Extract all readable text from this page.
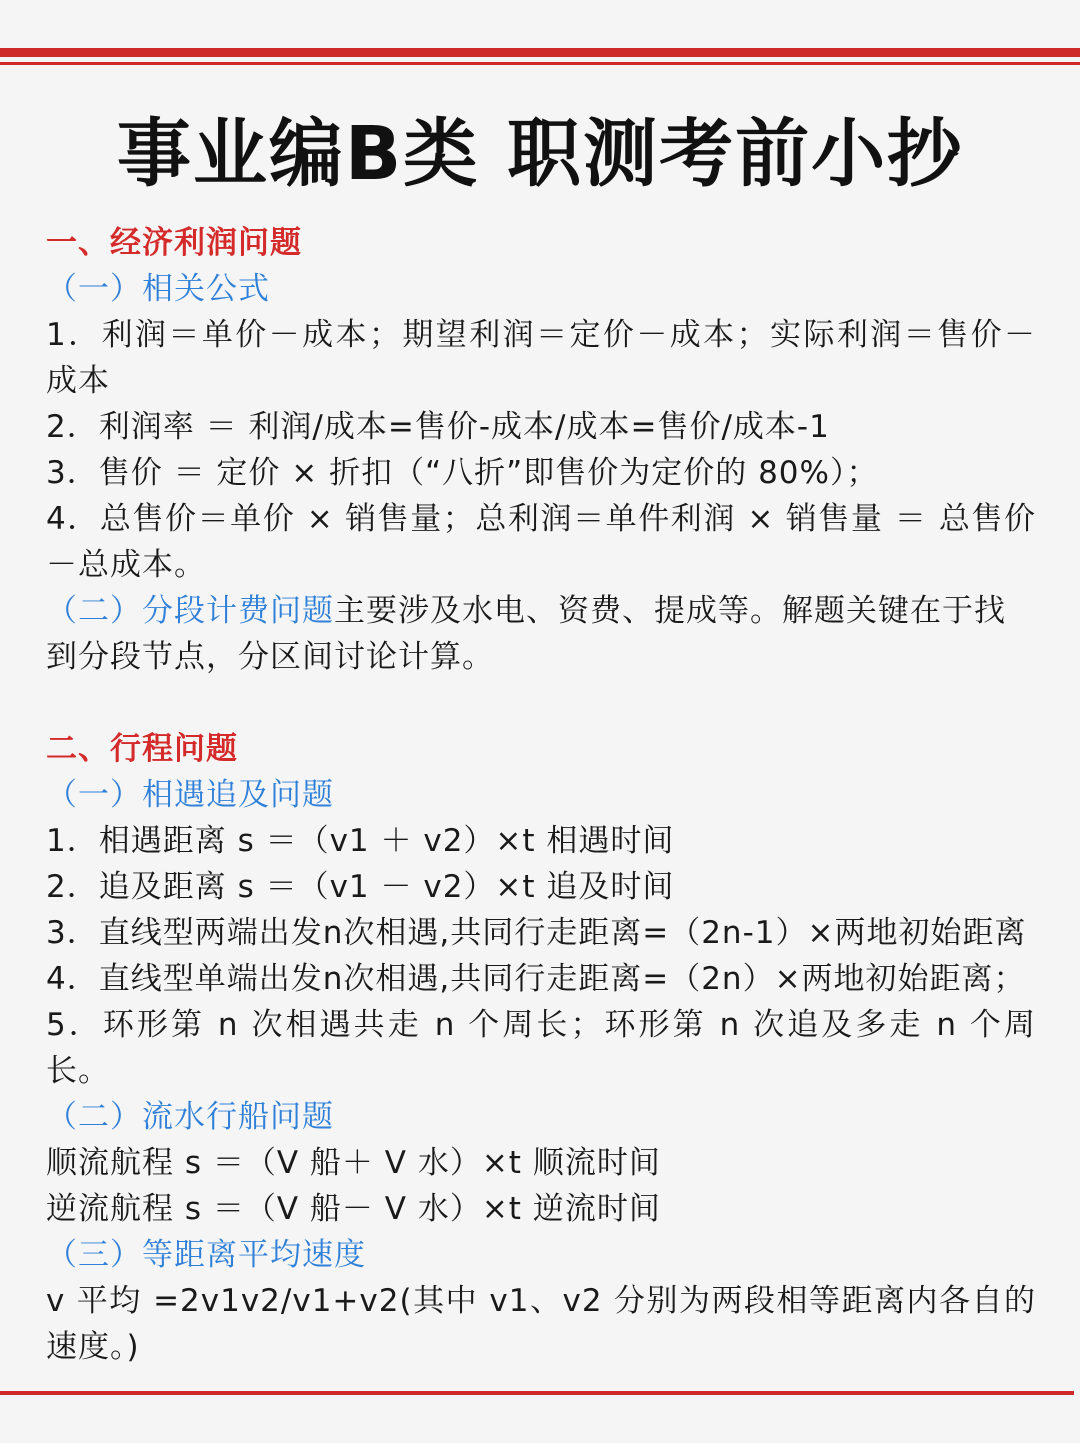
事业编B类 职测考前小抄
一、经济利润问题
（一）相关公式
1．利润＝单价－成本；期望利润＝定价－成本；实际利润＝售价－
成本
2．利润率 ＝ 利润/成本=售价-成本/成本=售价/成本-1
3．售价 ＝ 定价 × 折扣（“八折”即售价为定价的 80%）；
4．总售价＝单价 × 销售量；总利润＝单件利润 × 销售量 ＝ 总售价
－总成本。
（二）分段计费问题主要涉及水电、资费、提成等。解题关键在于找
到分段节点，分区间讨论计算。
二、行程问题
（一）相遇追及问题
1．相遇距离 s ＝（v1 ＋ v2）×t 相遇时间
2．追及距离 s ＝（v1 － v2）×t 追及时间
3．直线型两端出发n次相遇,共同行走距离=（2n-1）×两地初始距离
4．直线型单端出发n次相遇,共同行走距离=（2n）×两地初始距离；
5．环形第 n 次相遇共走 n 个周长；环形第 n 次追及多走 n 个周
长。
（二）流水行船问题
顺流航程 s ＝（V 船＋ V 水）×t 顺流时间
逆流航程 s ＝（V 船－ V 水）×t 逆流时间
（三）等距离平均速度
v 平均 =2v1v2/v1+v2(其中 v1、v2 分别为两段相等距离内各自的
速度。)
